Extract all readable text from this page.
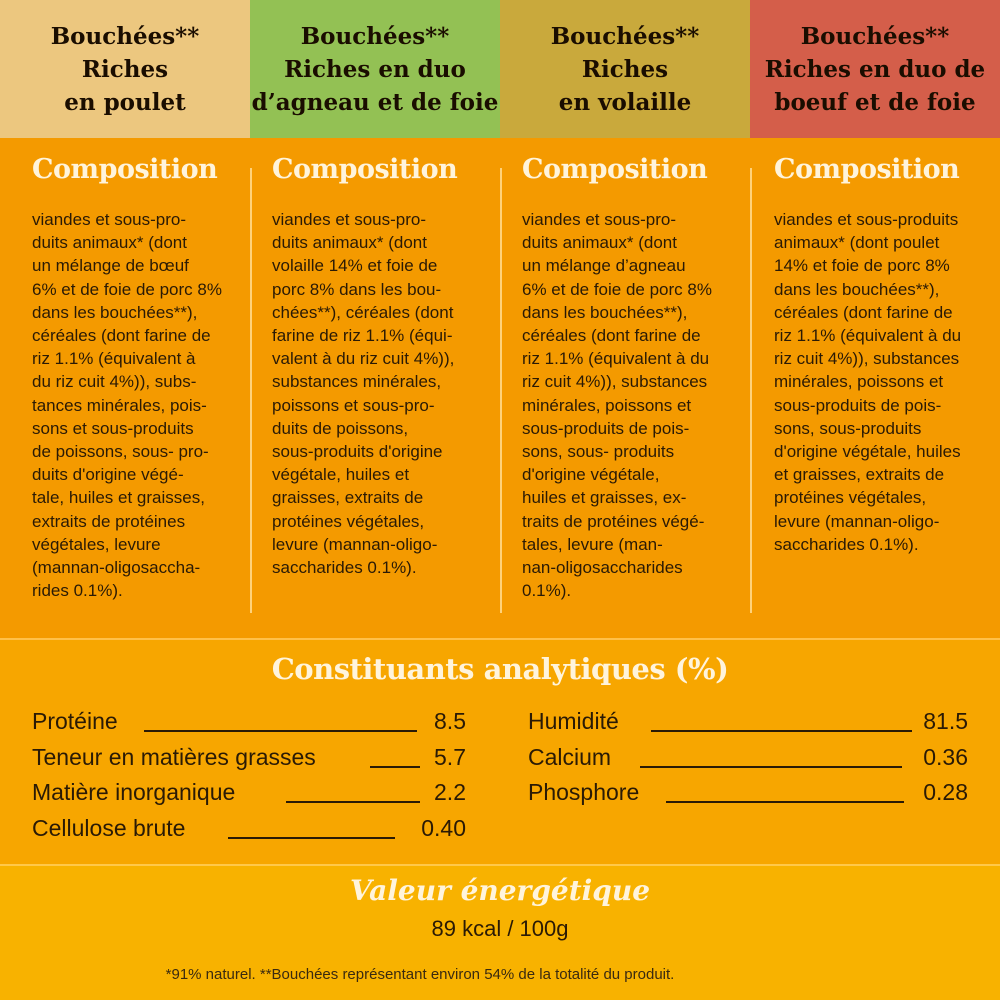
Bouchées**
Riches
en poulet
Bouchées**
Riches en duo
d’agneau et de foie
Bouchées**
Riches
en volaille
Bouchées**
Riches en duo de
boeuf et de foie
Composition
viandes et sous-pro-
duits animaux* (dont
un mélange de bœuf
6% et de foie de porc 8%
dans les bouchées**),
céréales (dont farine de
riz 1.1% (équivalent à
du riz cuit 4%)), subs-
tances minérales, pois-
sons et sous-produits
de poissons, sous- pro-
duits d'origine végé-
tale, huiles et graisses,
extraits de protéines
végétales, levure
(mannan-oligosaccha-
rides 0.1%).
Composition
viandes et sous-pro-
duits animaux* (dont
volaille 14% et foie de
porc 8% dans les bou-
chées**), céréales (dont
farine de riz 1.1% (équi-
valent à du riz cuit 4%)),
substances minérales,
poissons et sous-pro-
duits de poissons,
sous-produits d'origine
végétale, huiles et
graisses, extraits de
protéines végétales,
levure (mannan-oligo-
saccharides 0.1%).
Composition
viandes et sous-pro-
duits animaux* (dont
un mélange d’agneau
6% et de foie de porc 8%
dans les bouchées**),
céréales (dont farine de
riz 1.1% (équivalent à du
riz cuit 4%)), substances
minérales, poissons et
sous-produits de pois-
sons, sous- produits
d'origine végétale,
huiles et graisses, ex-
traits de protéines végé-
tales, levure (man-
nan-oligosaccharides
0.1%).
Composition
viandes et sous-produits
animaux* (dont poulet
14% et foie de porc 8%
dans les bouchées**),
céréales (dont farine de
riz 1.1% (équivalent à du
riz cuit 4%)), substances
minérales, poissons et
sous-produits de pois-
sons, sous-produits
d'origine végétale, huiles
et graisses, extraits de
protéines végétales,
levure (mannan-oligo-
saccharides 0.1%).
Constituants analytiques (%)
Protéine	8.5
Teneur en matières grasses	5.7
Matière inorganique	2.2
Cellulose brute	0.40
Humidité	81.5
Calcium	0.36
Phosphore	0.28
Valeur énergétique
89 kcal / 100g
*91% naturel. **Bouchées représentant environ 54% de la totalité du produit.
